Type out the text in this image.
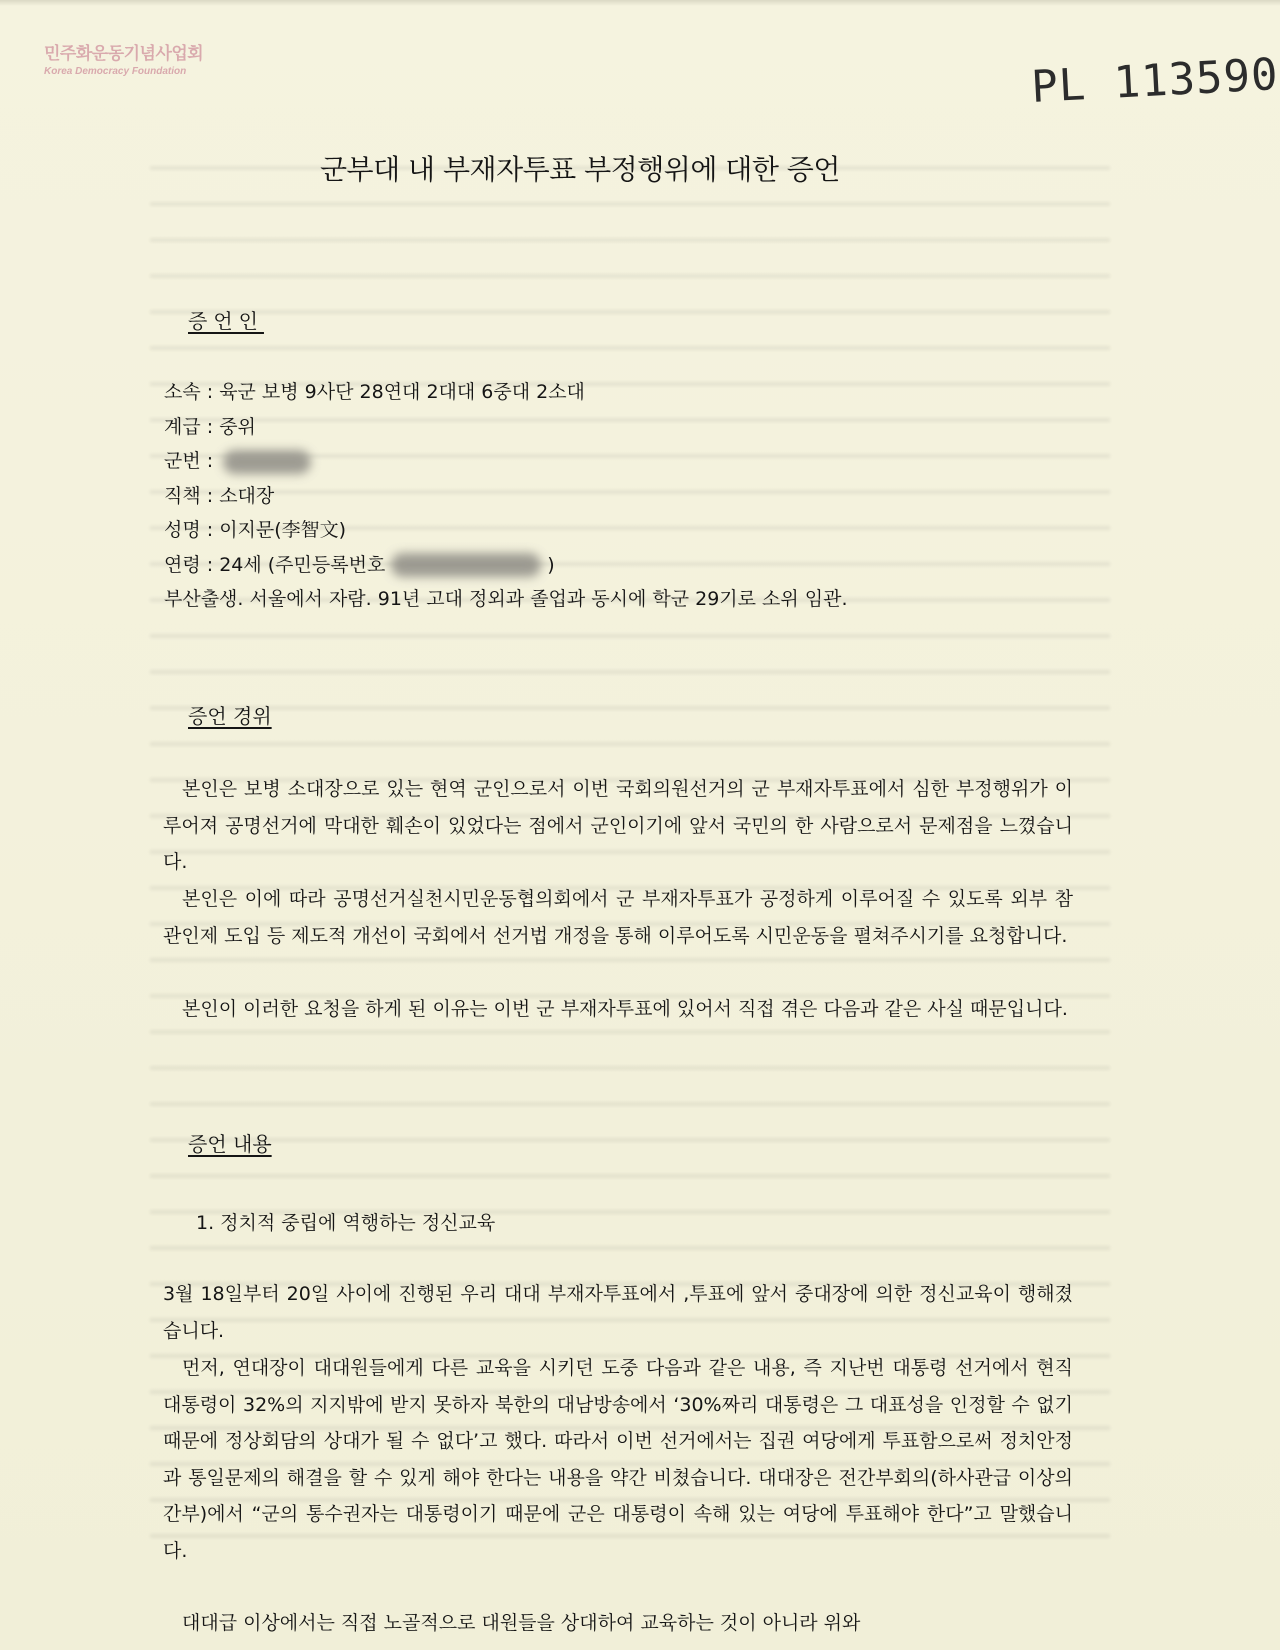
민주화운동기념사업회
Korea Democracy Foundation	PL 113590
군부대 내 부재자투표 부정행위에 대한 증언
증언인
소속 : 육군 보병 9사단 28연대 2대대 6중대 2소대
계급 : 중위
군번 :
직책 : 소대장
성명 : 이지문(李智文)
연령 : 24세 (주민등록번호	)
부산출생. 서울에서 자람. 91년 고대 정외과 졸업과 동시에 학군 29기로 소위 임관.
증언 경위

본인은 보병 소대장으로 있는 현역 군인으로서 이번 국회의원선거의 군 부재자투표에서 심한 부정행위가 이루어져 공명선거에 막대한 훼손이 있었다는 점에서 군인이기에 앞서 국민의 한 사람으로서 문제점을 느꼈습니다.

본인은 이에 따라 공명선거실천시민운동협의회에서 군 부재자투표가 공정하게 이루어질 수 있도록 외부 참관인제 도입 등 제도적 개선이 국회에서 선거법 개정을 통해 이루어도록 시민운동을 펼쳐주시기를 요청합니다.

본인이 이러한 요청을 하게 된 이유는 이번 군 부재자투표에 있어서 직접 겪은 다음과 같은 사실 때문입니다.

증언 내용
1. 정치적 중립에 역행하는 정신교육

3월 18일부터 20일 사이에 진행된 우리 대대 부재자투표에서 ,투표에 앞서 중대장에 의한 정신교육이 행해졌습니다.

먼저, 연대장이 대대원들에게 다른 교육을 시키던 도중 다음과 같은 내용, 즉 지난번 대통령 선거에서 현직 대통령이 32%의 지지밖에 받지 못하자 북한의 대남방송에서 ‘30%짜리 대통령은 그 대표성을 인정할 수 없기 때문에 정상회담의 상대가 될 수 없다’고 했다. 따라서 이번 선거에서는 집권 여당에게 투표함으로써 정치안정과 통일문제의 해결을 할 수 있게 해야 한다는 내용을 약간 비쳤습니다. 대대장은 전간부회의(하사관급 이상의 간부)에서 “군의 통수권자는 대통령이기 때문에 군은 대통령이 속해 있는 여당에 투표해야 한다”고 말했습니다.

대대급 이상에서는 직접 노골적으로 대원들을 상대하여 교육하는 것이 아니라 위와
